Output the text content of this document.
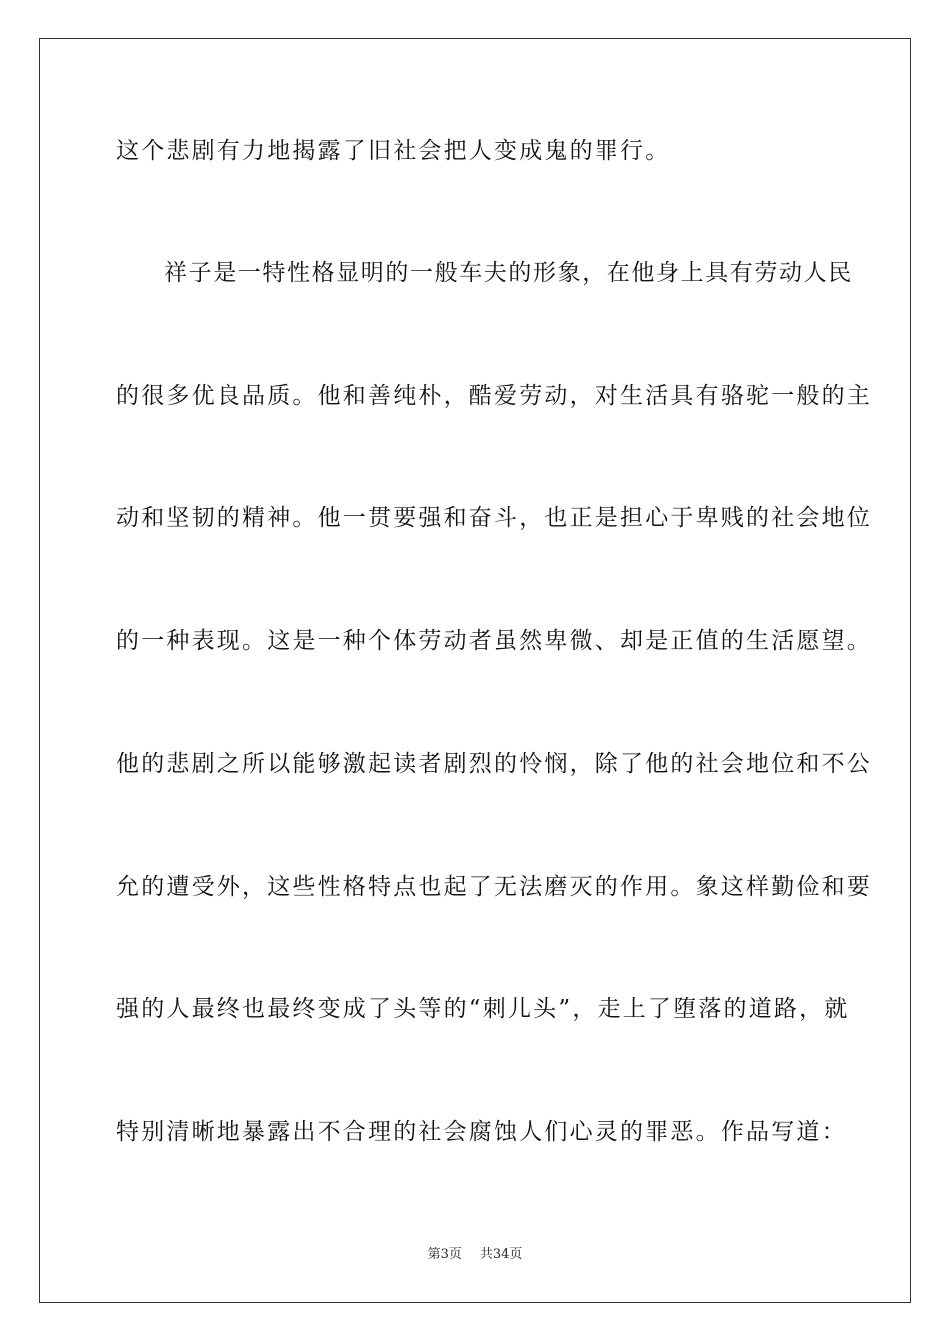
这个悲剧有力地揭露了旧社会把人变成鬼的罪行。
祥子是一特性格显明的一般车夫的形象，在他身上具有劳动人民
的很多优良品质。他和善纯朴，酷爱劳动，对生活具有骆驼一般的主
动和坚韧的精神。他一贯要强和奋斗，也正是担心于卑贱的社会地位
的一种表现。这是一种个体劳动者虽然卑微、却是正值的生活愿望。
他的悲剧之所以能够激起读者剧烈的怜悯，除了他的社会地位和不公
允的遭受外，这些性格特点也起了无法磨灭的作用。象这样勤俭和要
强的人最终也最终变成了头等的“刺儿头”，走上了堕落的道路，就
特别清晰地暴露出不合理的社会腐蚀人们心灵的罪恶。作品写道：
第3页 共34页
